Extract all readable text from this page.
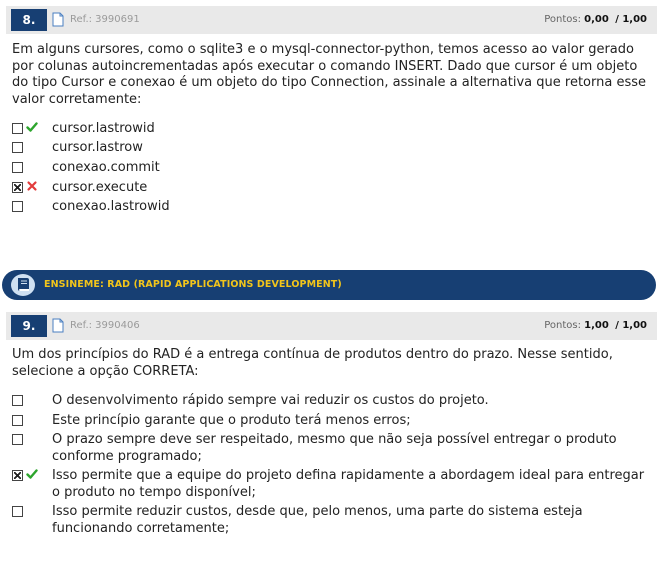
8.	Ref.: 3990691	Pontos: 0,00 / 1,00

Em alguns cursores, como o sqlite3 e o mysql-connector-python, temos acesso ao valor gerado por colunas autoincrementadas após executar o comando INSERT. Dado que cursor é um objeto do tipo Cursor e conexao é um objeto do tipo Connection, assinale a alternativa que retorna esse valor corretamente:

cursor.lastrowid
cursor.lastrow
conexao.commit
cursor.execute
conexao.lastrowid
ENSINEME: RAD (RAPID APPLICATIONS DEVELOPMENT)
9.	Ref.: 3990406	Pontos: 1,00 / 1,00

Um dos princípios do RAD é a entrega contínua de produtos dentro do prazo. Nesse sentido, selecione a opção CORRETA:

O desenvolvimento rápido sempre vai reduzir os custos do projeto.
Este princípio garante que o produto terá menos erros;
O prazo sempre deve ser respeitado, mesmo que não seja possível entregar o produto conforme programado;
Isso permite que a equipe do projeto defina rapidamente a abordagem ideal para entregar o produto no tempo disponível;
Isso permite reduzir custos, desde que, pelo menos, uma parte do sistema esteja funcionando corretamente;
